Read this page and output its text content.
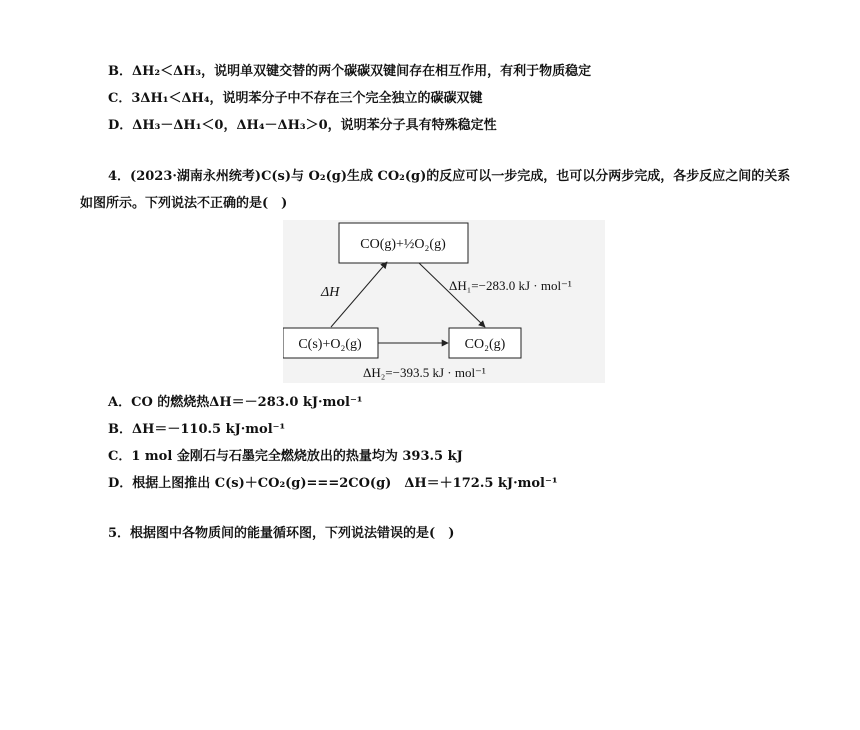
B．ΔH₂＜ΔH₃，说明单双键交替的两个碳碳双键间存在相互作用，有利于物质稳定
C．3ΔH₁＜ΔH₄，说明苯分子中不存在三个完全独立的碳碳双键
D．ΔH₃－ΔH₁＜0，ΔH₄－ΔH₃＞0，说明苯分子具有特殊稳定性
4．(2023·湖南永州统考)C(s)与 O₂(g)生成 CO₂(g)的反应可以一步完成，也可以分两步完成，各步反应之间的关系
如图所示。下列说法不正确的是(　)
CO(g)+½O₂(g)
C(s)+O₂(g)	CO₂(g)
ΔH	ΔH₁=−283.0 kJ · mol⁻¹
ΔH₂=−393.5 kJ · mol⁻¹
A．CO 的燃烧热ΔH＝－283.0 kJ·mol⁻¹
B．ΔH＝－110.5 kJ·mol⁻¹
C．1 mol 金刚石与石墨完全燃烧放出的热量均为 393.5 kJ
D．根据上图推出 C(s)＋CO₂(g)===2CO(g)　ΔH＝＋172.5 kJ·mol⁻¹
5．根据图中各物质间的能量循环图，下列说法错误的是(　)
